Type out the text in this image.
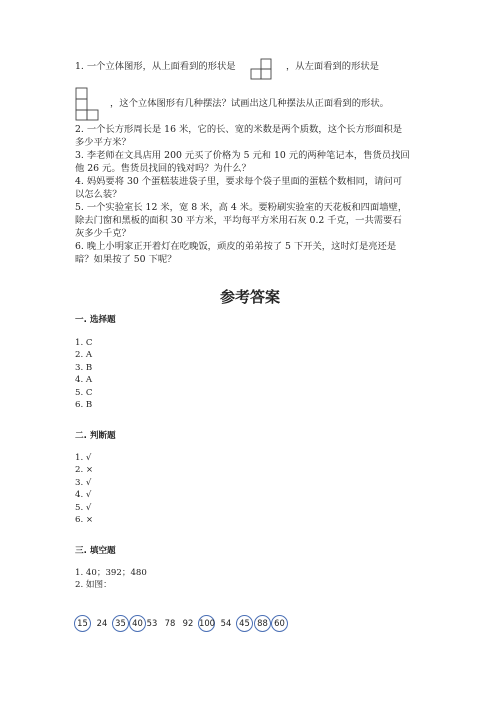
1. 一个立体图形，从上面看到的形状是	，从左面看到的形状是
，这个立体图形有几种摆法？试画出这几种摆法从正面看到的形状。
2. 一个长方形周长是 16 米，它的长、宽的米数是两个质数，这个长方形面积是
多少平方米？
3. 李老师在文具店用 200 元买了价格为 5 元和 10 元的两种笔记本，售货员找回
他 26 元。售货员找回的钱对吗？为什么？
4. 妈妈要将 30 个蛋糕装进袋子里，要求每个袋子里面的蛋糕个数相同，请问可
以怎么装？
5. 一个实验室长 12 米，宽 8 米，高 4 米。要粉刷实验室的天花板和四面墙壁，
除去门窗和黑板的面积 30 平方米，平均每平方米用石灰 0.2 千克，一共需要石
灰多少千克？
6. 晚上小明家正开着灯在吃晚饭，顽皮的弟弟按了 5 下开关，这时灯是亮还是
暗？如果按了 50 下呢？
参考答案
一. 选择题
1. C
2. A
3. B
4. A
5. C
6. B
二. 判断题
1. √
2. ×
3. √
4. √
5. √
6. ×
三. 填空题
1. 40；392；480
2. 如图：
15	24 35 40 53 78 92 100 54 45 88 60
